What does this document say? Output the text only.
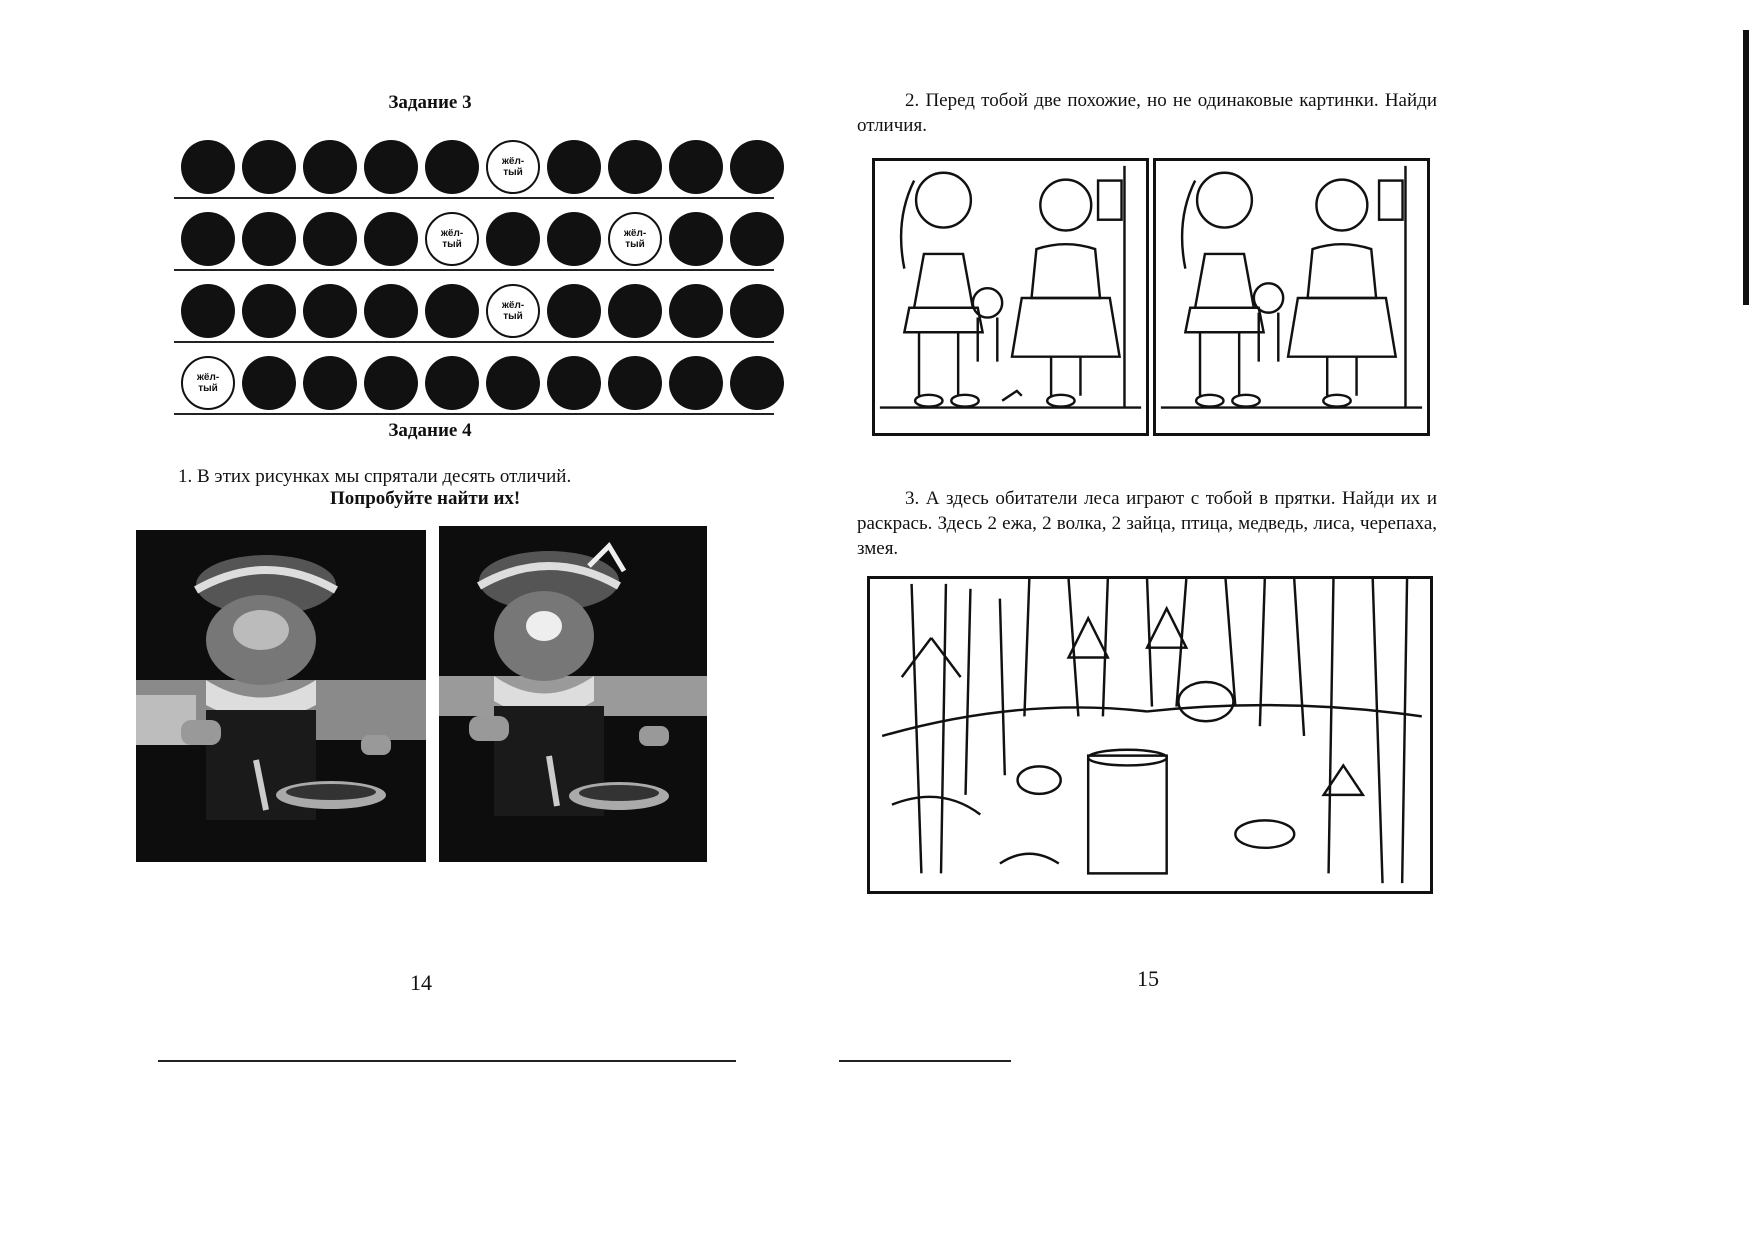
Задание 3
жёл-
тый
жёл-
тый
жёл-
тый
жёл-
тый
жёл-
тый
Задание 4
1. В этих рисунках мы спрятали десять отличий.
Попробуйте найти их!
14
2. Перед тобой две похожие, но не одинаковые картинки. Найди отличия.
3. А здесь обитатели леса играют с тобой в прятки. Найди их и раскрась. Здесь 2 ежа, 2 волка, 2 зайца, птица, медведь, лиса, черепаха, змея.
15
